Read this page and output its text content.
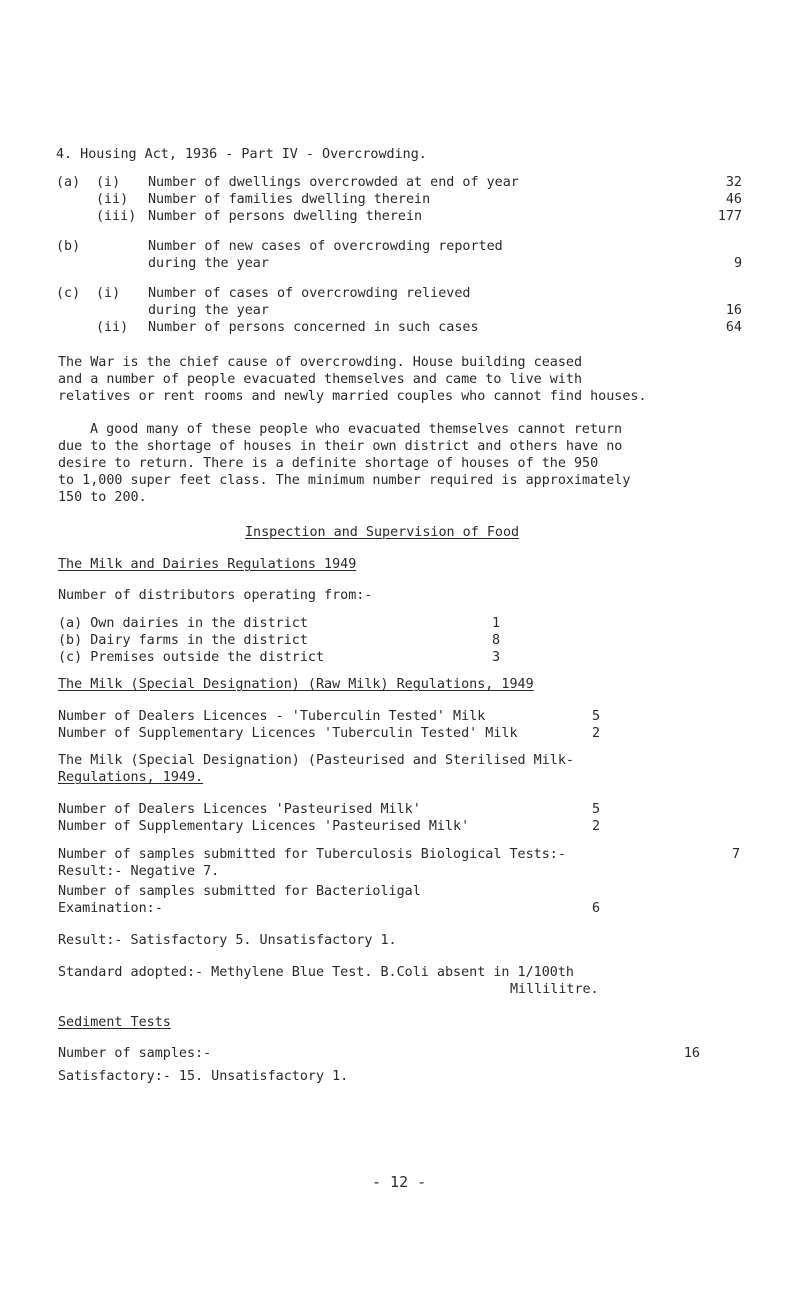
4. Housing Act, 1936 - Part IV - Overcrowding.
(a) (i) Number of dwellings overcrowded at end of year	32
(ii) Number of families dwelling therein	46
(iii) Number of persons dwelling therein	177
(b)	Number of new cases of overcrowding reported
during the year	9
(c) (i) Number of cases of overcrowding relieved
during the year	16
(ii) Number of persons concerned in such cases	64
The War is the chief cause of overcrowding. House building ceased
and a number of people evacuated themselves and came to live with
relatives or rent rooms and newly married couples who cannot find houses.
A good many of these people who evacuated themselves cannot return
due to the shortage of houses in their own district and others have no
desire to return. There is a definite shortage of houses of the 950
to 1,000 super feet class. The minimum number required is approximately
150 to 200.
Inspection and Supervision of Food
The Milk and Dairies Regulations 1949
Number of distributors operating from:-
(a) Own dairies in the district	1
(b) Dairy farms in the district	8
(c) Premises outside the district	3
The Milk (Special Designation) (Raw Milk) Regulations, 1949
Number of Dealers Licences - 'Tuberculin Tested' Milk	5
Number of Supplementary Licences 'Tuberculin Tested' Milk	2
The Milk (Special Designation) (Pasteurised and Sterilised Milk-
Regulations, 1949.
Number of Dealers Licences 'Pasteurised Milk'	5
Number of Supplementary Licences 'Pasteurised Milk'	2
Number of samples submitted for Tuberculosis Biological Tests:-	7
Result:- Negative 7.
Number of samples submitted for Bacterioligal
Examination:-	6
Result:- Satisfactory 5. Unsatisfactory 1.
Standard adopted:- Methylene Blue Test. B.Coli absent in 1/100th
Millilitre.
Sediment Tests
Number of samples:-	16
Satisfactory:- 15. Unsatisfactory 1.
- 12 -
